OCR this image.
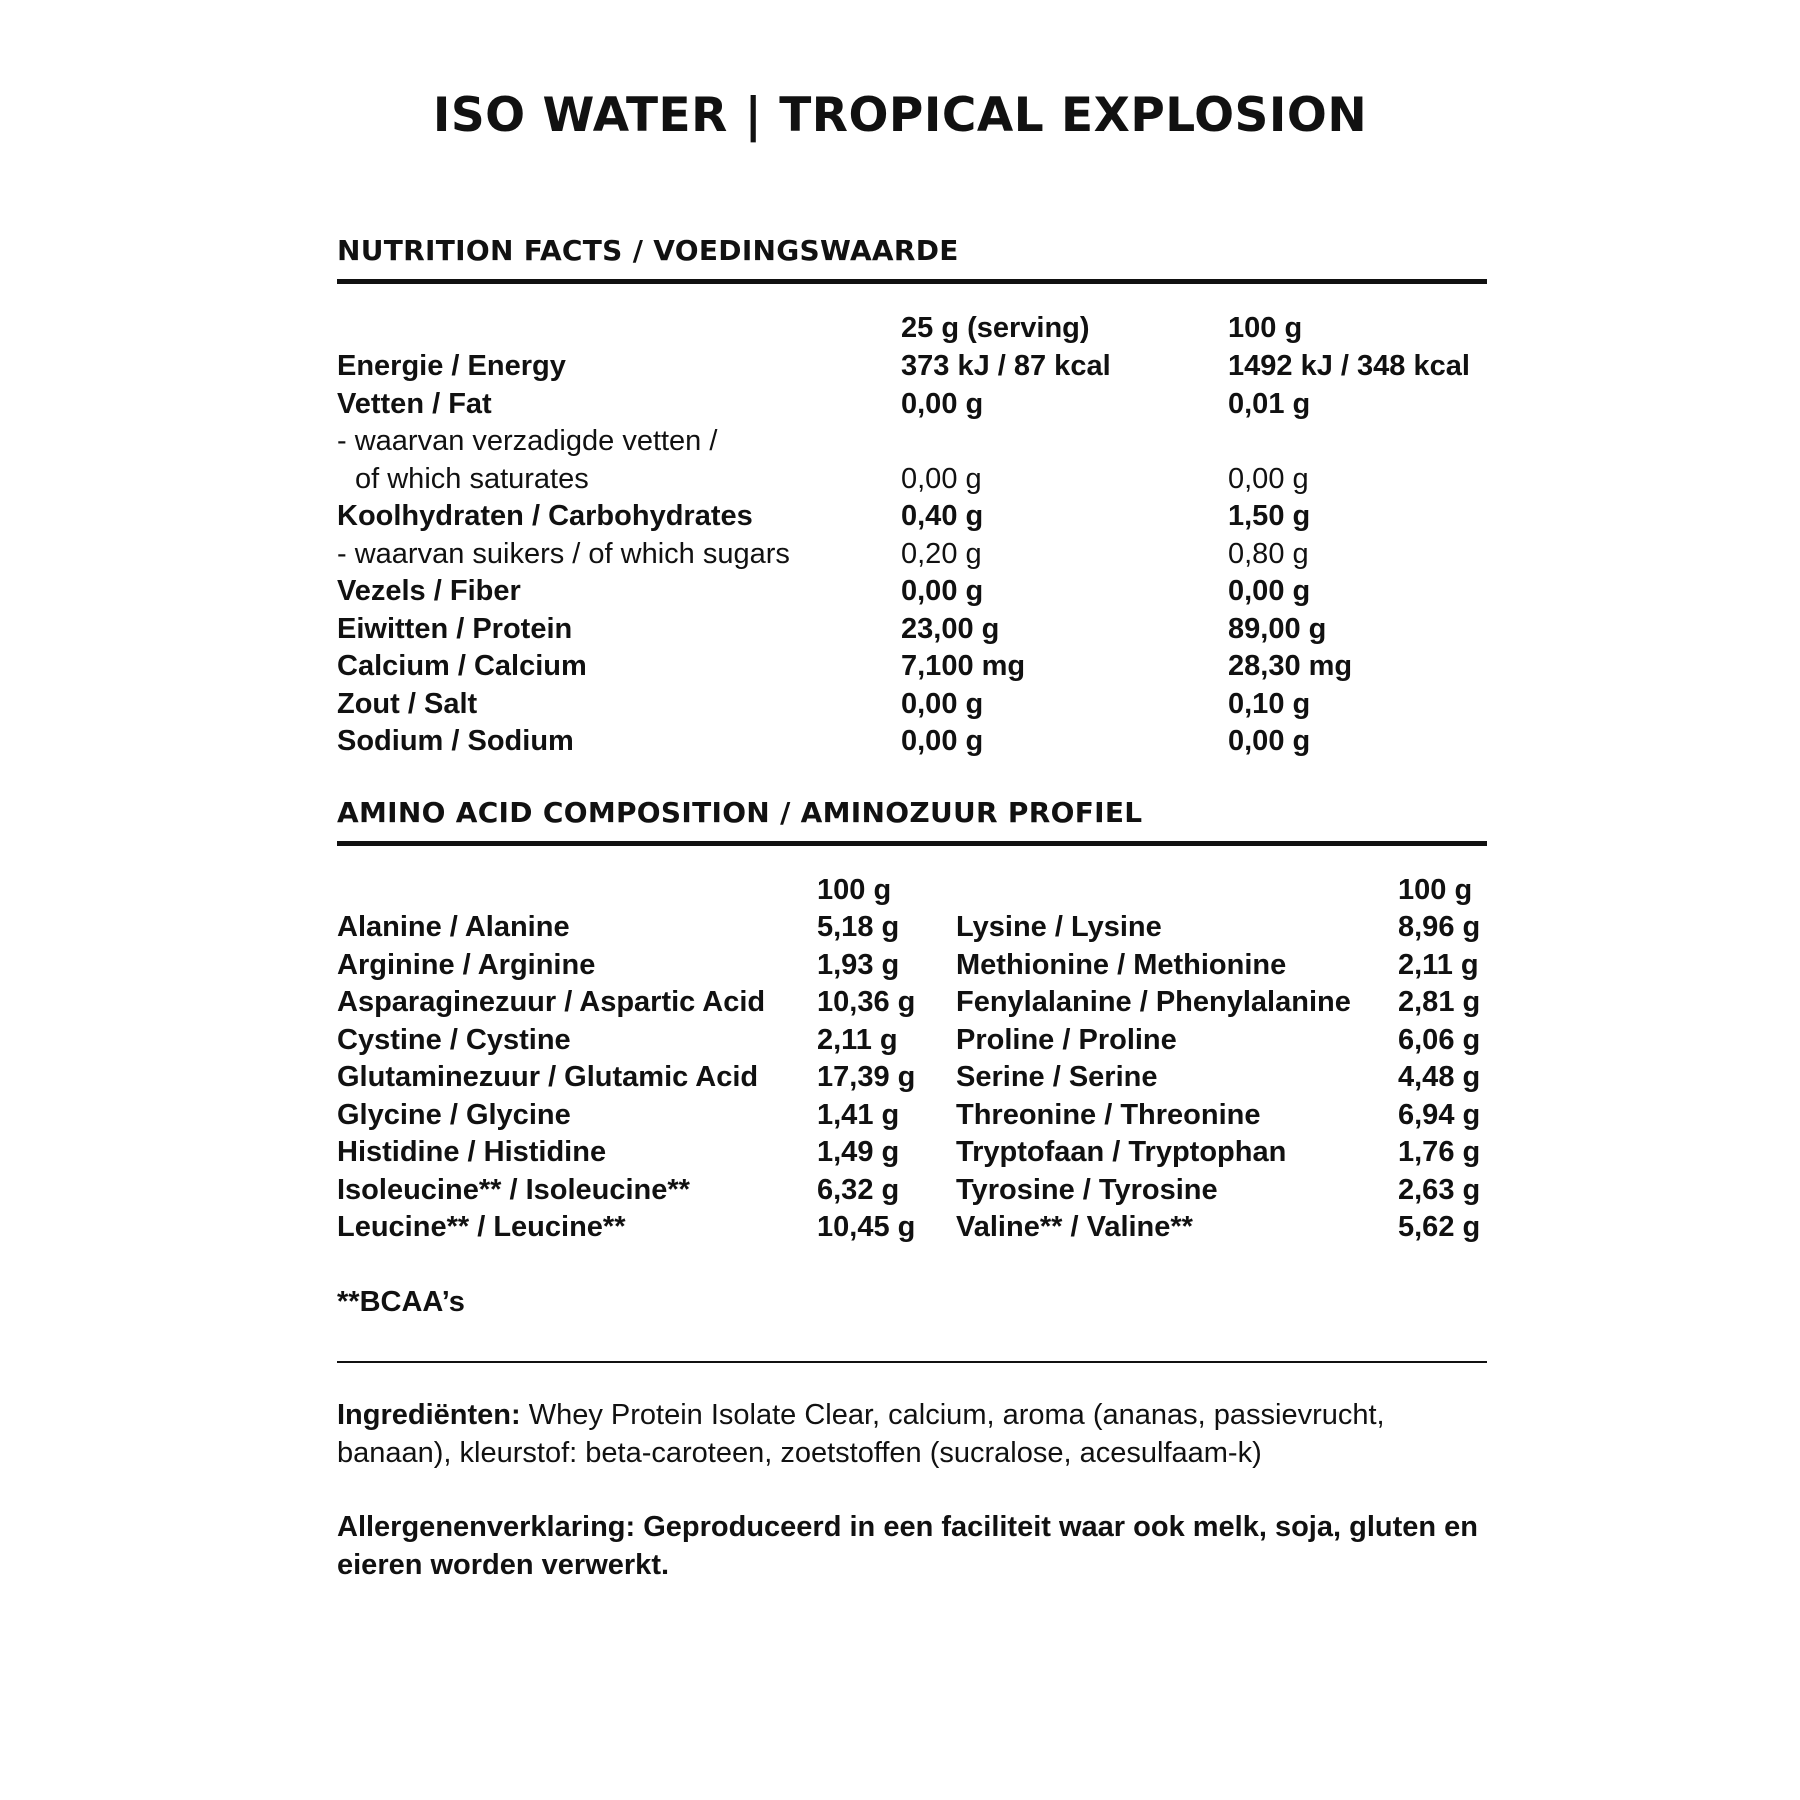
ISO WATER | TROPICAL EXPLOSION
NUTRITION FACTS / VOEDINGSWAARDE
25 g (serving)	100 g
Energie / Energy	373 kJ / 87 kcal	1492 kJ / 348 kcal
Vetten / Fat	0,00 g	0,01 g
- waarvan verzadigde vetten /
of which saturates	0,00 g	0,00 g
Koolhydraten / Carbohydrates	0,40 g	1,50 g
- waarvan suikers / of which sugars	0,20 g	0,80 g
Vezels / Fiber	0,00 g	0,00 g
Eiwitten / Protein	23,00 g	89,00 g
Calcium / Calcium	7,100 mg	28,30 mg
Zout / Salt	0,00 g	0,10 g
Sodium / Sodium	0,00 g	0,00 g
AMINO ACID COMPOSITION / AMINOZUUR PROFIEL
100 g	100 g
Alanine / Alanine	5,18 g Lysine / Lysine	8,96 g
Arginine / Arginine	1,93 g Methionine / Methionine	2,11 g
Asparaginezuur / Aspartic Acid 10,36 g Fenylalanine / Phenylalanine 2,81 g
Cystine / Cystine	2,11 g Proline / Proline	6,06 g
Glutaminezuur / Glutamic Acid 17,39 g Serine / Serine	4,48 g
Glycine / Glycine	1,41 g Threonine / Threonine	6,94 g
Histidine / Histidine	1,49 g Tryptofaan / Tryptophan	1,76 g
Isoleucine** / Isoleucine**	6,32 g Tyrosine / Tyrosine	2,63 g
Leucine** / Leucine**	10,45 g Valine** / Valine**	5,62 g
**BCAA’s
Ingrediënten: Whey Protein Isolate Clear, calcium, aroma (ananas, passievrucht, banaan), kleurstof: beta-caroteen, zoetstoffen (sucralose, acesulfaam-k)
Allergenenverklaring: Geproduceerd in een faciliteit waar ook melk, soja, gluten en eieren worden verwerkt.
